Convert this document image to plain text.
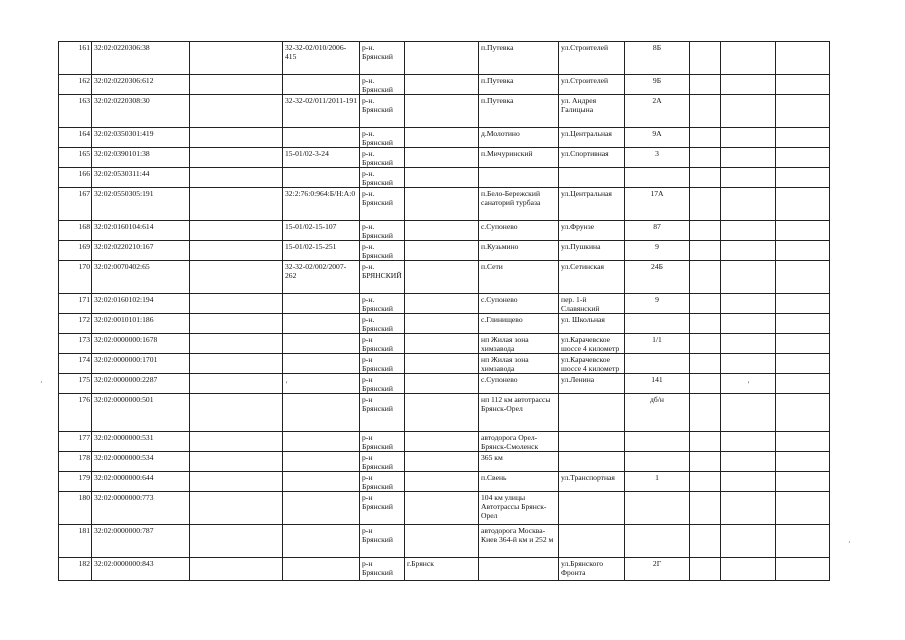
161	32:02:0220306:38		32-32-02/010/2006-415	р-н. Брянский		п.Путевка	ул.Строителей	8Б			
162	32:02:0220306:612			р-н. Брянский		п.Путевка	ул.Строителей	9Б			
163	32:02:0220308:30		32-32-02/011/2011-191	р-н. Брянский		п.Путевка	ул. Андрея Галицына	2А			
164	32:02:0350301:419			р-н. Брянский		д.Молотино	ул.Центральная	9А			
165	32:02:0390101:38		15-01/02-3-24	р-н. Брянский		п.Мичуринский	ул.Спортивная	3			
166	32:02:0530311:44			р-н. Брянский							
167	32:02:0550305:191		32:2:76:0:964:Б/Н:А:0	р-н. Брянский		п.Бело-Бережский санаторий турбаза	ул.Центральная	17А			
168	32:02:0160104:614		15-01/02-15-107	р-н. Брянский		с.Супонево	ул.Фрунзе	87			
169	32:02:0220210:167		15-01/02-15-251	р-н. Брянский		п.Кузьмино	ул.Пушкина	9			
170	32:02:0070402:65		32-32-02/002/2007-262	р-н. БРЯНСКИЙ		п.Сети	ул.Сетинская	24Б			
171	32:02:0160102:194			р-н. Брянский		с.Супонево	пер. 1-й Славянский	9			
172	32:02:0010101:186			р-н. Брянский		с.Глинищево	ул. Школьная				
173	32:02:0000000:1678			р-н Брянский		нп Жилая зона химзавода	ул.Карачевское шоссе 4 километр	1/1			
174	32:02:0000000:1701			р-н Брянский		нп Жилая зона химзавода	ул.Карачевское шоссе 4 километр				
175	32:02:0000000:2287			р-н Брянский		с.Супонево	ул.Ленина	141			
176	32:02:0000000:501			р-н Брянский		нп 112 км автотрассы Брянск-Орел		дб/н			
177	32:02:0000000:531			р-н Брянский		автодорога Орел-Брянск-Смоленск					
178	32:02:0000000:534			р-н Брянский		365 км					
179	32:02:0000000:644			р-н Брянский		п.Свень	ул.Транспортная	1			
180	32:02:0000000:773			р-н Брянский		104 км улицы Автотрассы Брянск-Орел					
181	32:02:0000000:787			р-н Брянский		автодорога Москва-Киев 364-й км и 252 м					
182	32:02:0000000:843			р-н Брянский	г.Брянск		ул.Брянского Фронта	2Г			
·	'	'
·
